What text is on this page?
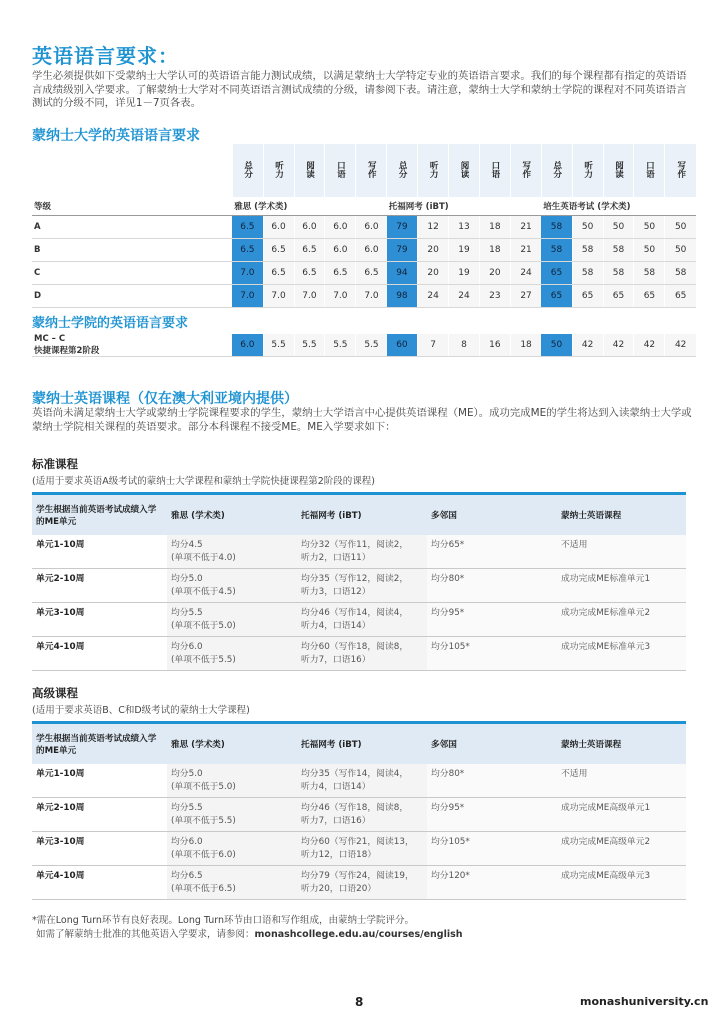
英语语言要求：
学生必须提供如下受蒙纳士大学认可的英语语言能力测试成绩，以满足蒙纳士大学特定专业的英语语言要求。我们的每个课程都有指定的英语语言成绩级别入学要求。了解蒙纳士大学对不同英语语言测试成绩的分级，请参阅下表。请注意，蒙纳士大学和蒙纳士学院的课程对不同英语语言测试的分级不同，详见1－7页各表。
蒙纳士大学的英语语言要求
	总分	听力	阅读	口语	写作	总分	听力	阅读	口语	写作	总分	听力	阅读	口语	写作
等级	雅思 (学术类)					托福网考 (iBT)					培生英语考试 (学术类)				
A	6.5	6.0	6.0	6.0	6.0	79	12	13	18	21	58	50	50	50	50
B	6.5	6.5	6.5	6.0	6.0	79	20	19	18	21	58	58	58	50	50
C	7.0	6.5	6.5	6.5	6.5	94	20	19	20	24	65	58	58	58	58
D	7.0	7.0	7.0	7.0	7.0	98	24	24	23	27	65	65	65	65	65
蒙纳士学院的英语语言要求															
MC – C
快捷课程第2阶段	6.0	5.5	5.5	5.5	5.5	60	7	8	16	18	50	42	42	42	42
蒙纳士英语课程（仅在澳大利亚境内提供）
英语尚未满足蒙纳士大学或蒙纳士学院课程要求的学生，蒙纳士大学语言中心提供英语课程（ME）。成功完成ME的学生将达到入读蒙纳士大学或蒙纳士学院相关课程的英语要求。部分本科课程不接受ME。ME入学要求如下：
标准课程
(适用于要求英语A级考试的蒙纳士大学课程和蒙纳士学院快捷课程第2阶段的课程)
学生根据当前英语考试成绩入学的ME单元	雅思 (学术类)	托福网考 (iBT)	多邻国	蒙纳士英语课程
单元1-10周	均分4.5
(单项不低于4.0)	均分32（写作11，阅读2，
听力2，口语11）	均分65*	不适用
单元2-10周	均分5.0
(单项不低于4.5)	均分35（写作12，阅读2，
听力3，口语12）	均分80*	成功完成ME标准单元1
单元3-10周	均分5.5
(单项不低于5.0)	均分46（写作14，阅读4，
听力4，口语14）	均分95*	成功完成ME标准单元2
单元4-10周	均分6.0
(单项不低于5.5)	均分60（写作18，阅读8，
听力7，口语16）	均分105*	成功完成ME标准单元3
高级课程
(适用于要求英语B、C和D级考试的蒙纳士大学课程)
学生根据当前英语考试成绩入学的ME单元	雅思 (学术类)	托福网考 (iBT)	多邻国	蒙纳士英语课程
单元1-10周	均分5.0
(单项不低于5.0)	均分35（写作14，阅读4，
听力4，口语14）	均分80*	不适用
单元2-10周	均分5.5
(单项不低于5.5)	均分46（写作18，阅读8，
听力7，口语16）	均分95*	成功完成ME高级单元1
单元3-10周	均分6.0
(单项不低于6.0)	均分60（写作21，阅读13，
听力12，口语18）	均分105*	成功完成ME高级单元2
单元4-10周	均分6.5
(单项不低于6.5)	均分79（写作24，阅读19，
听力20，口语20）	均分120*	成功完成ME高级单元3
*需在Long Turn环节有良好表现。Long Turn环节由口语和写作组成，由蒙纳士学院评分。
如需了解蒙纳士批准的其他英语入学要求，请参阅：monashcollege.edu.au/courses/english
8	monashuniversity.cn
